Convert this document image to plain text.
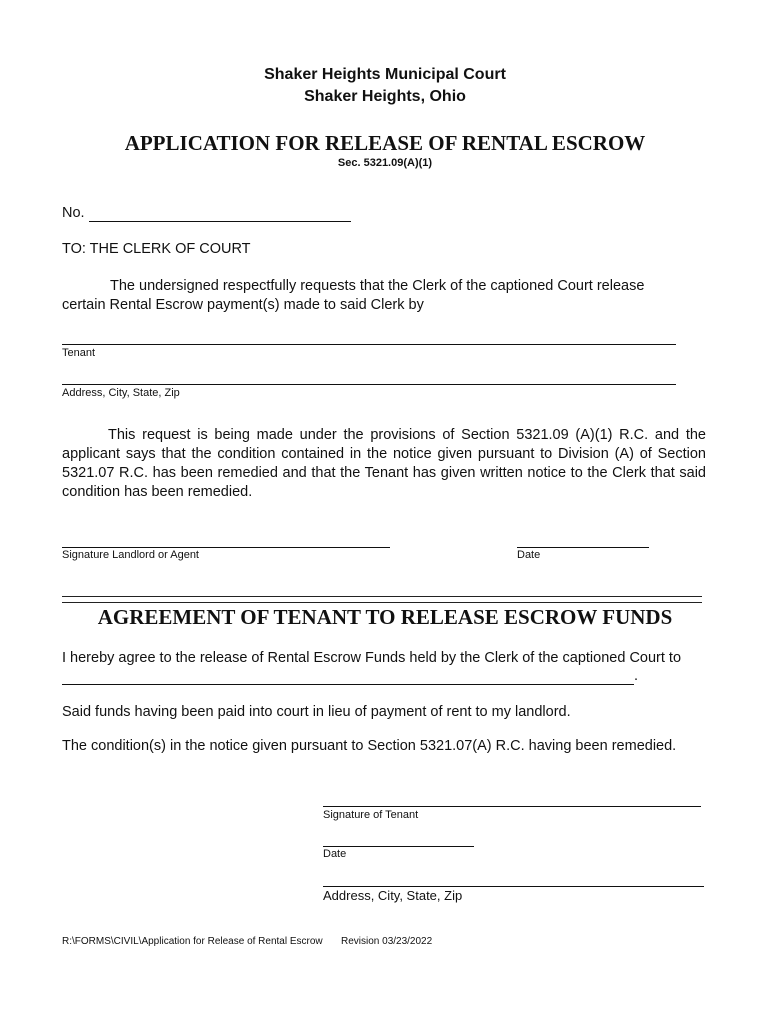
Shaker Heights Municipal Court
Shaker Heights, Ohio
APPLICATION FOR RELEASE OF RENTAL ESCROW
Sec. 5321.09(A)(1)
No.
TO: THE CLERK OF COURT
The undersigned respectfully requests that the Clerk of the captioned Court release certain Rental Escrow payment(s) made to said Clerk by
Tenant
Address, City, State, Zip
This request is being made under the provisions of Section 5321.09 (A)(1) R.C. and the applicant says that the condition contained in the notice given pursuant to Division (A) of Section 5321.07 R.C. has been remedied and that the Tenant has given written notice to the Clerk that said condition has been remedied.
Signature Landlord or Agent	Date
AGREEMENT OF TENANT TO RELEASE ESCROW FUNDS
I hereby agree to the release of Rental Escrow Funds held by the Clerk of the captioned Court to
.
Said funds having been paid into court in lieu of payment of rent to my landlord.
The condition(s) in the notice given pursuant to Section 5321.07(A) R.C. having been remedied.
Signature of Tenant
Date
Address, City, State, Zip
R:\FORMS\CIVIL\Application for Release of Rental Escrow Revision 03/23/2022
